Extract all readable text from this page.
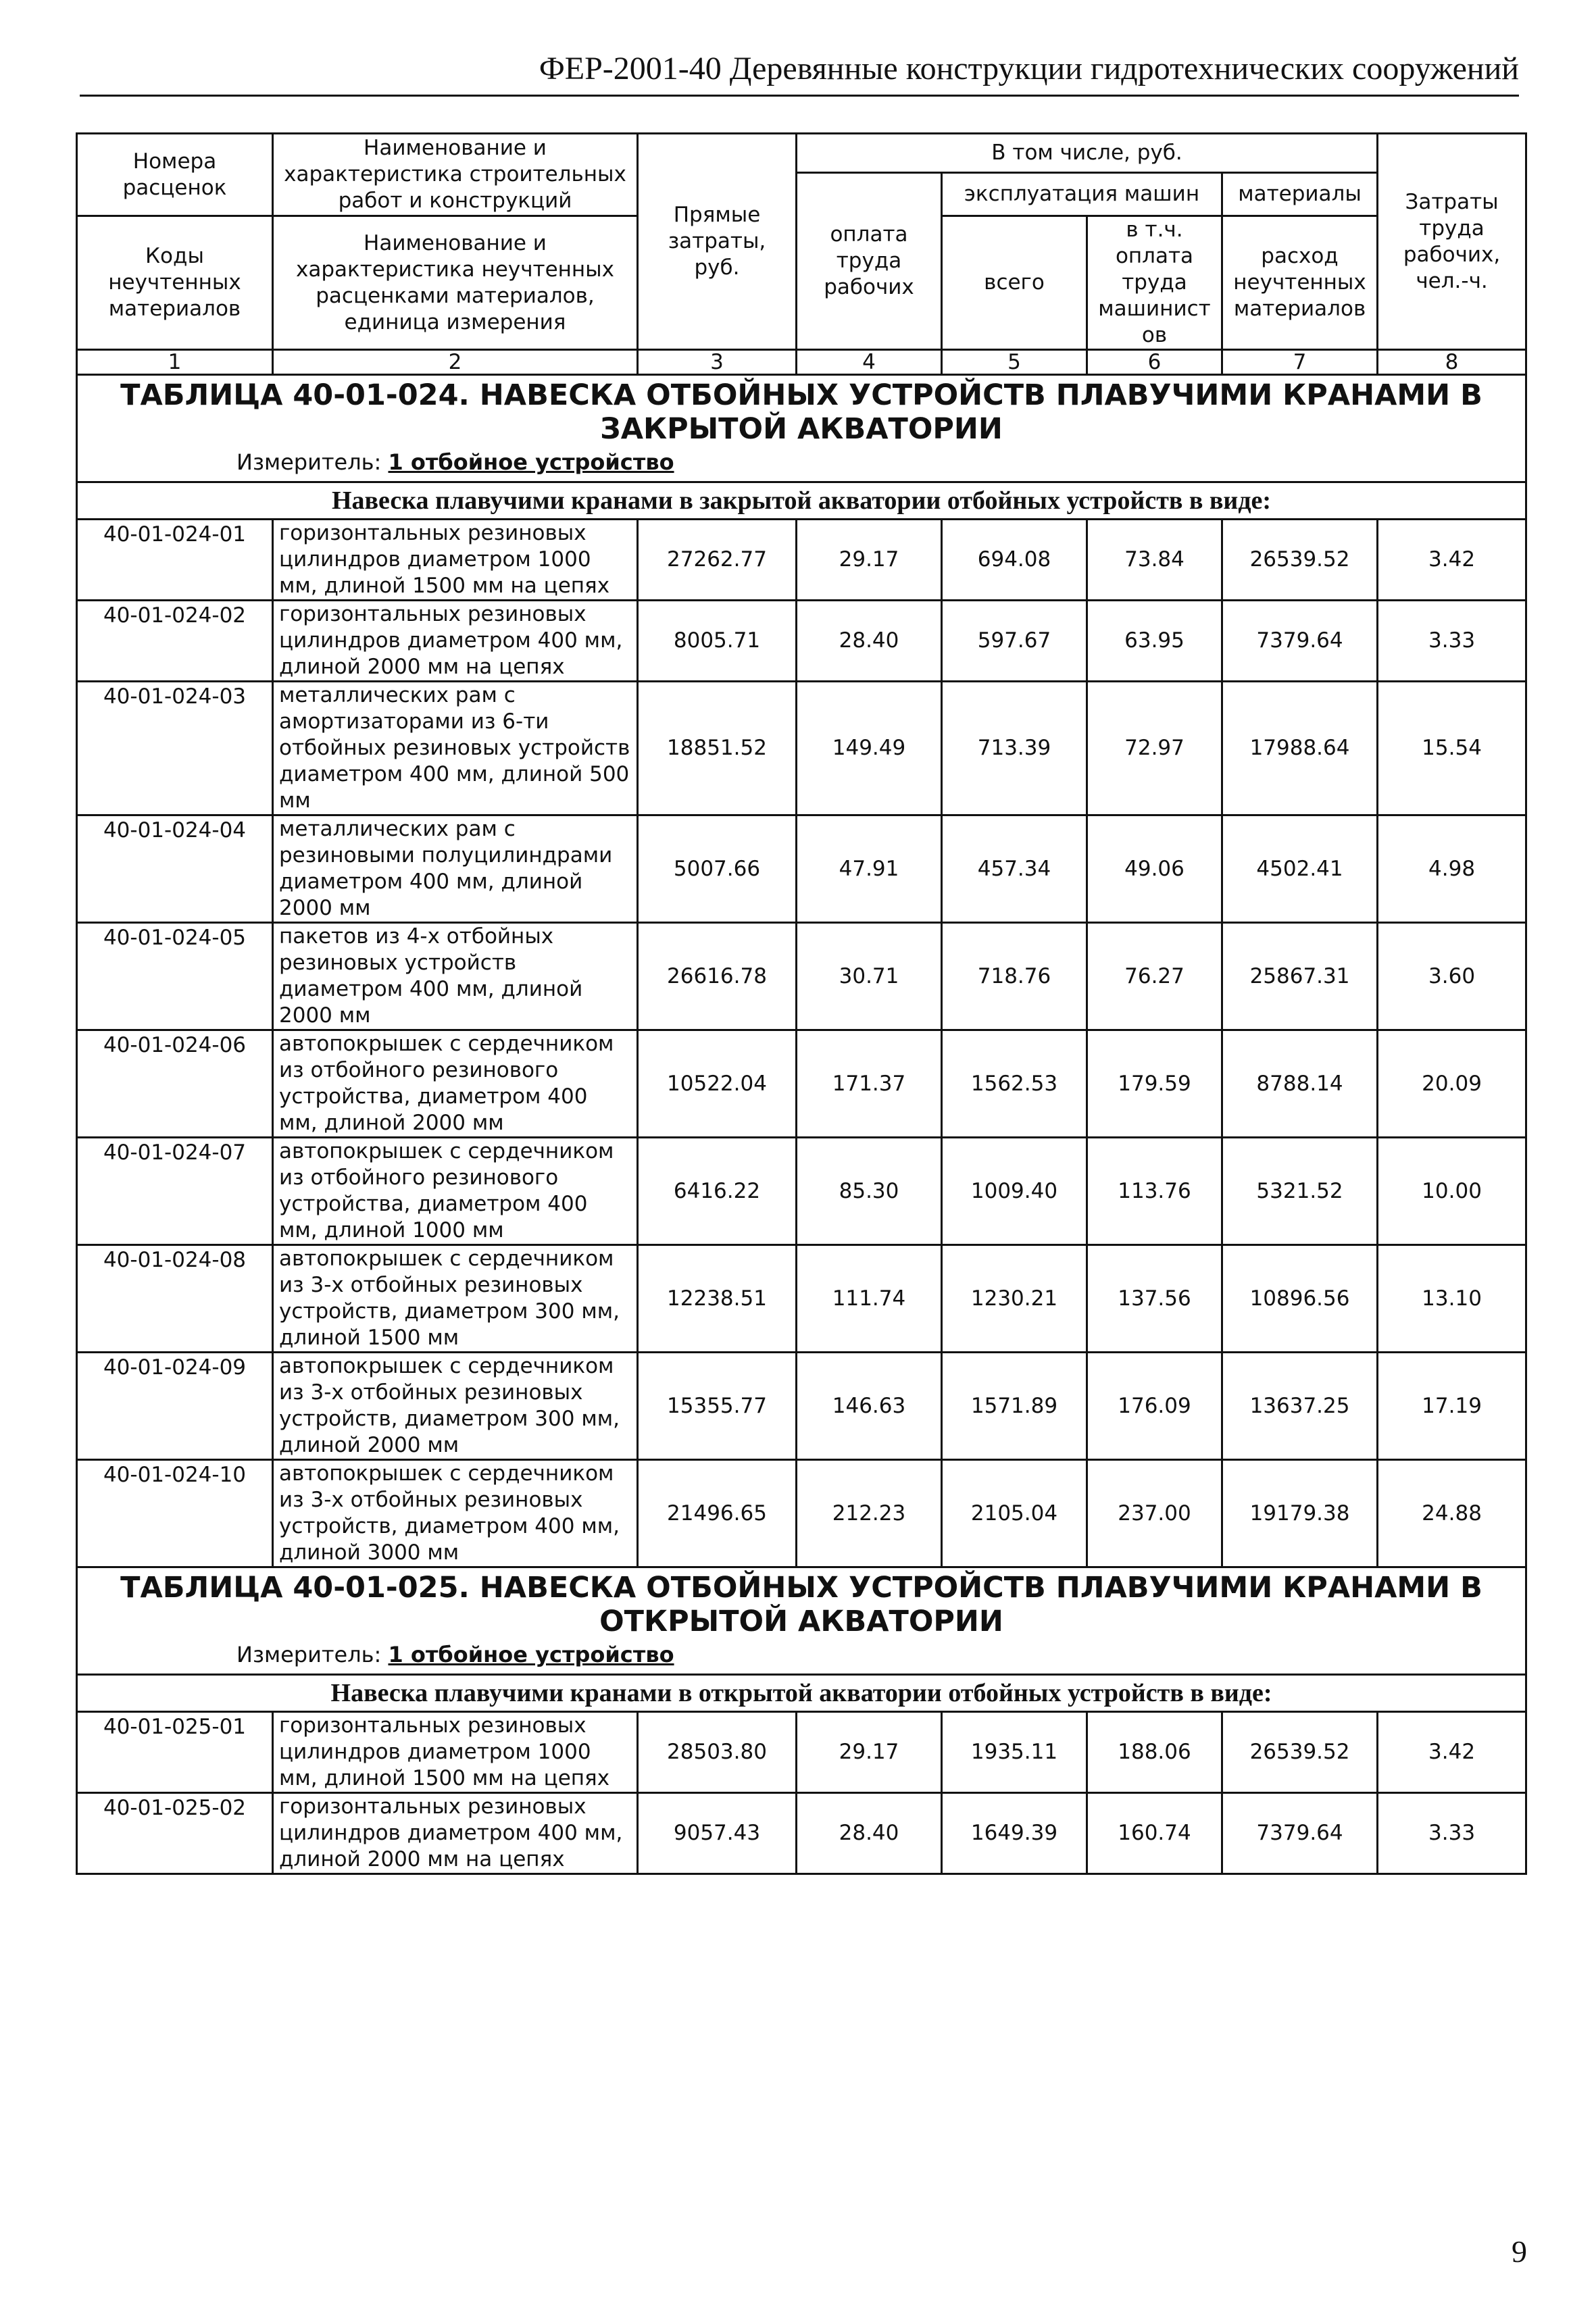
ФЕР-2001-40 Деревянные конструкции гидротехнических сооружений
Номера расценок	Наименование и характеристика строительных работ и конструкций	Прямые затраты, руб.	В том числе, руб.				Затраты труда рабочих, чел.-ч.
			оплата труда рабочих	эксплуатация машин		материалы	
Коды неучтенных материалов	Наименование и характеристика неучтенных расценками материалов, единица измерения			всего	в т.ч. оплата труда машинистов	расход неучтенных материалов	

1	2	3	4	5	6	7	8

ТАБЛИЦА 40-01-024. НАВЕСКА ОТБОЙНЫХ УСТРОЙСТВ ПЛАВУЧИМИ КРАНАМИ В ЗАКРЫТОЙ АКВАТОРИИ
Измеритель: 1 отбойное устройство							

Навеска плавучими кранами в закрытой акватории отбойных устройств в виде:							
40-01-024-01	горизонтальных резиновых цилиндров диаметром 1000 мм, длиной 1500 мм на цепях	27262.77	29.17	694.08	73.84	26539.52	3.42
40-01-024-02	горизонтальных резиновых цилиндров диаметром 400 мм, длиной 2000 мм на цепях	8005.71	28.40	597.67	63.95	7379.64	3.33
40-01-024-03	металлических рам с амортизаторами из 6-ти отбойных резиновых устройств диаметром 400 мм, длиной 500 мм	18851.52	149.49	713.39	72.97	17988.64	15.54
40-01-024-04	металлических рам с резиновыми полуцилиндрами диаметром 400 мм, длиной 2000 мм	5007.66	47.91	457.34	49.06	4502.41	4.98
40-01-024-05	пакетов из 4-х отбойных резиновых устройств диаметром 400 мм, длиной 2000 мм	26616.78	30.71	718.76	76.27	25867.31	3.60
40-01-024-06	автопокрышек с сердечником из отбойного резинового устройства, диаметром 400 мм, длиной 2000 мм	10522.04	171.37	1562.53	179.59	8788.14	20.09
40-01-024-07	автопокрышек с сердечником из отбойного резинового устройства, диаметром 400 мм, длиной 1000 мм	6416.22	85.30	1009.40	113.76	5321.52	10.00
40-01-024-08	автопокрышек с сердечником из 3-х отбойных резиновых устройств, диаметром 300 мм, длиной 1500 мм	12238.51	111.74	1230.21	137.56	10896.56	13.10
40-01-024-09	автопокрышек с сердечником из 3-х отбойных резиновых устройств, диаметром 300 мм, длиной 2000 мм	15355.77	146.63	1571.89	176.09	13637.25	17.19
40-01-024-10	автопокрышек с сердечником из 3-х отбойных резиновых устройств, диаметром 400 мм, длиной 3000 мм	21496.65	212.23	2105.04	237.00	19179.38	24.88

ТАБЛИЦА 40-01-025. НАВЕСКА ОТБОЙНЫХ УСТРОЙСТВ ПЛАВУЧИМИ КРАНАМИ В ОТКРЫТОЙ АКВАТОРИИ
Измеритель: 1 отбойное устройство							

Навеска плавучими кранами в открытой акватории отбойных устройств в виде:							
40-01-025-01	горизонтальных резиновых цилиндров диаметром 1000 мм, длиной 1500 мм на цепях	28503.80	29.17	1935.11	188.06	26539.52	3.42
40-01-025-02	горизонтальных резиновых цилиндров диаметром 400 мм, длиной 2000 мм на цепях	9057.43	28.40	1649.39	160.74	7379.64	3.33
9
